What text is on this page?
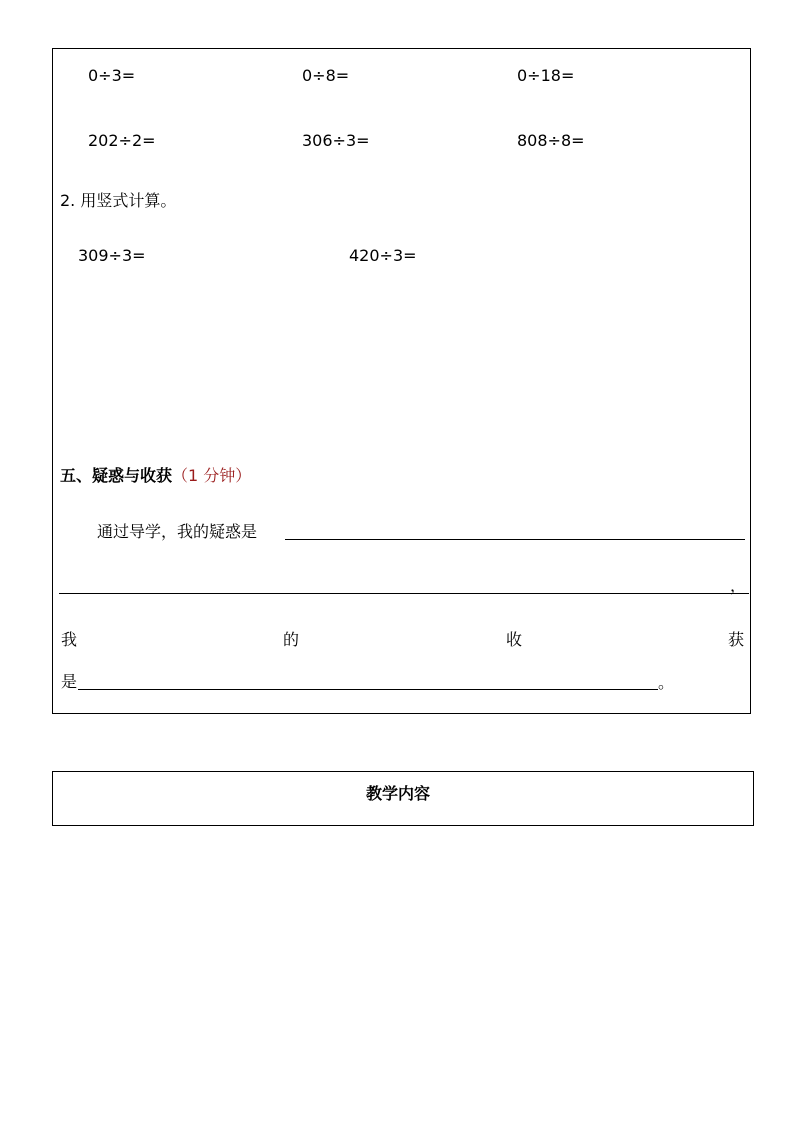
0÷3=	0÷8=	0÷18=
202÷2=	306÷3=	808÷8=
2. 用竖式计算。
309÷3=	420÷3=
五、疑惑与收获（1 分钟）
通过导学，我的疑惑是
，
我	的	收	获
是	。
教学内容
